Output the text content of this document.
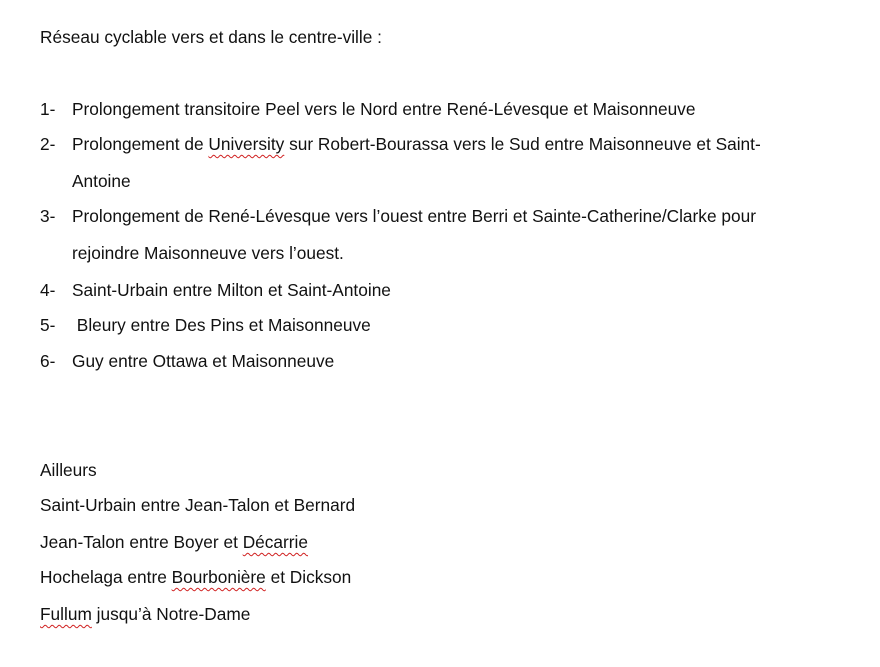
Réseau cyclable vers et dans le centre-ville :
1- Prolongement transitoire Peel vers le Nord entre René-Lévesque et Maisonneuve
2- Prolongement de University sur Robert-Bourassa vers le Sud entre Maisonneuve et Saint-
Antoine
3- Prolongement de René-Lévesque vers l’ouest entre Berri et Sainte-Catherine/Clarke pour
rejoindre Maisonneuve vers l’ouest.
4- Saint-Urbain entre Milton et Saint-Antoine
5- Bleury entre Des Pins et Maisonneuve
6- Guy entre Ottawa et Maisonneuve
Ailleurs
Saint-Urbain entre Jean-Talon et Bernard
Jean-Talon entre Boyer et Décarrie
Hochelaga entre Bourbonière et Dickson
Fullum jusqu’à Notre-Dame
